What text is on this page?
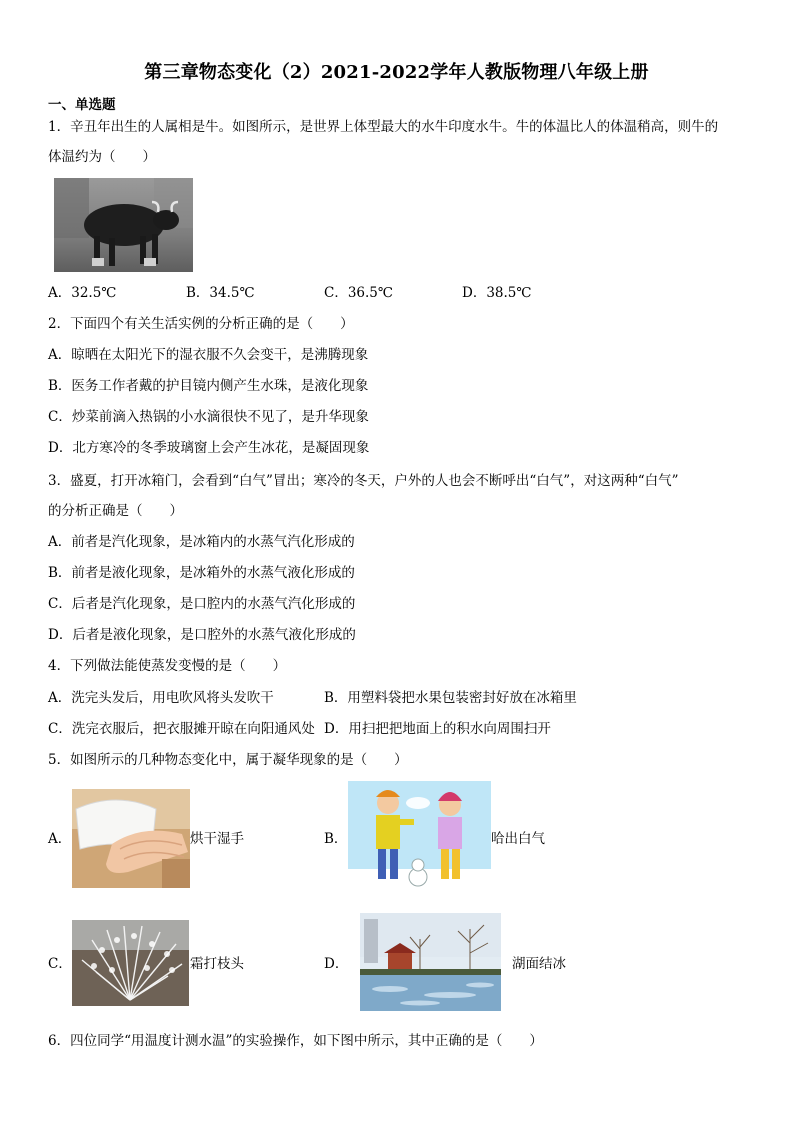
第三章物态变化（2）2021-2022学年人教版物理八年级上册
一、单选题
1．辛丑年出生的人属相是牛。如图所示，是世界上体型最大的水牛印度水牛。牛的体温比人的体温稍高，则牛的
体温约为（　　）
A．32.5℃	B．34.5℃	C．36.5℃	D．38.5℃
2．下面四个有关生活实例的分析正确的是（　　）
A．晾晒在太阳光下的湿衣服不久会变干，是沸腾现象
B．医务工作者戴的护目镜内侧产生水珠，是液化现象
C．炒菜前滴入热锅的小水滴很快不见了，是升华现象
D．北方寒冷的冬季玻璃窗上会产生冰花，是凝固现象
3．盛夏，打开冰箱门，会看到“白气”冒出；寒冷的冬天，户外的人也会不断呼出“白气”，对这两种“白气”
的分析正确是（　　）
A．前者是汽化现象，是冰箱内的水蒸气汽化形成的
B．前者是液化现象，是冰箱外的水蒸气液化形成的
C．后者是汽化现象，是口腔内的水蒸气汽化形成的
D．后者是液化现象，是口腔外的水蒸气液化形成的
4．下列做法能使蒸发变慢的是（　　）
A．洗完头发后，用电吹风将头发吹干	B．用塑料袋把水果包装密封好放在冰箱里
C．洗完衣服后，把衣服摊开晾在向阳通风处 D．用扫把把地面上的积水向周围扫开
5．如图所示的几种物态变化中，属于凝华现象的是（　　）
A．	烘干湿手	B．	哈出白气
C．	霜打枝头	D．	湖面结冰
6．四位同学“用温度计测水温”的实验操作，如下图中所示，其中正确的是（　　）
